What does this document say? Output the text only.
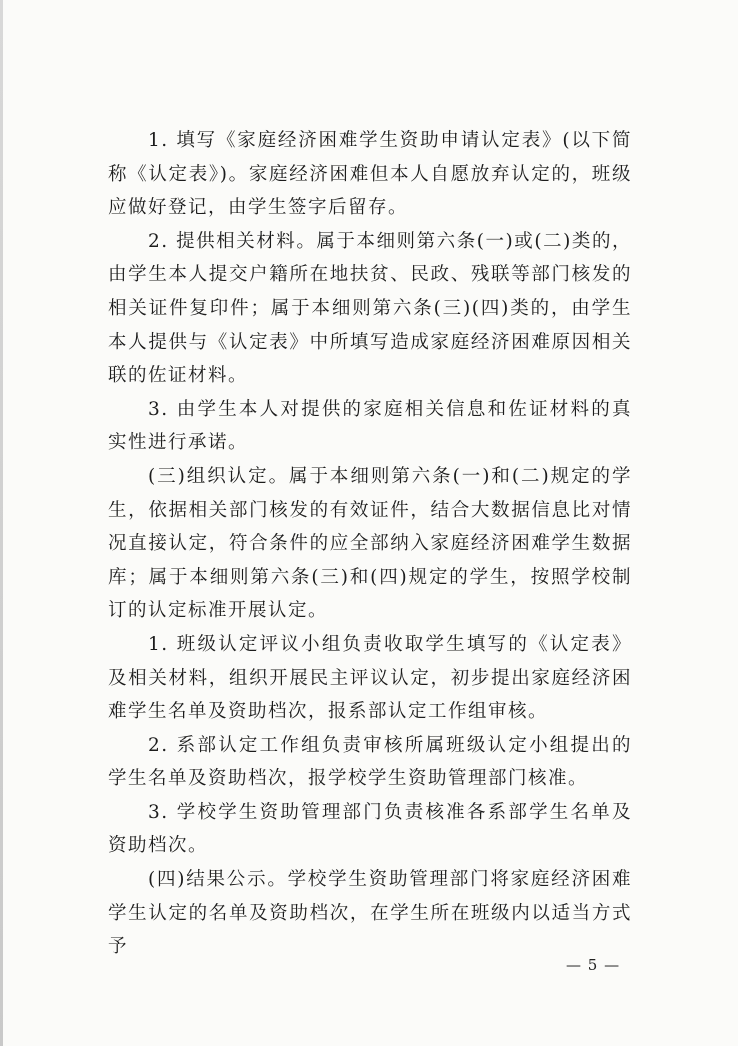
1. 填写《家庭经济困难学生资助申请认定表》(以下简称《认定表》)。家庭经济困难但本人自愿放弃认定的，班级应做好登记，由学生签字后留存。

2. 提供相关材料。属于本细则第六条(一)或(二)类的，由学生本人提交户籍所在地扶贫、民政、残联等部门核发的相关证件复印件；属于本细则第六条(三)(四)类的，由学生本人提供与《认定表》中所填写造成家庭经济困难原因相关联的佐证材料。

3. 由学生本人对提供的家庭相关信息和佐证材料的真实性进行承诺。

(三)组织认定。属于本细则第六条(一)和(二)规定的学生，依据相关部门核发的有效证件，结合大数据信息比对情况直接认定，符合条件的应全部纳入家庭经济困难学生数据库；属于本细则第六条(三)和(四)规定的学生，按照学校制订的认定标准开展认定。

1. 班级认定评议小组负责收取学生填写的《认定表》及相关材料，组织开展民主评议认定，初步提出家庭经济困难学生名单及资助档次，报系部认定工作组审核。

2. 系部认定工作组负责审核所属班级认定小组提出的学生名单及资助档次，报学校学生资助管理部门核准。

3. 学校学生资助管理部门负责核准各系部学生名单及资助档次。

(四)结果公示。学校学生资助管理部门将家庭经济困难学生认定的名单及资助档次，在学生所在班级内以适当方式予

— 5 —
